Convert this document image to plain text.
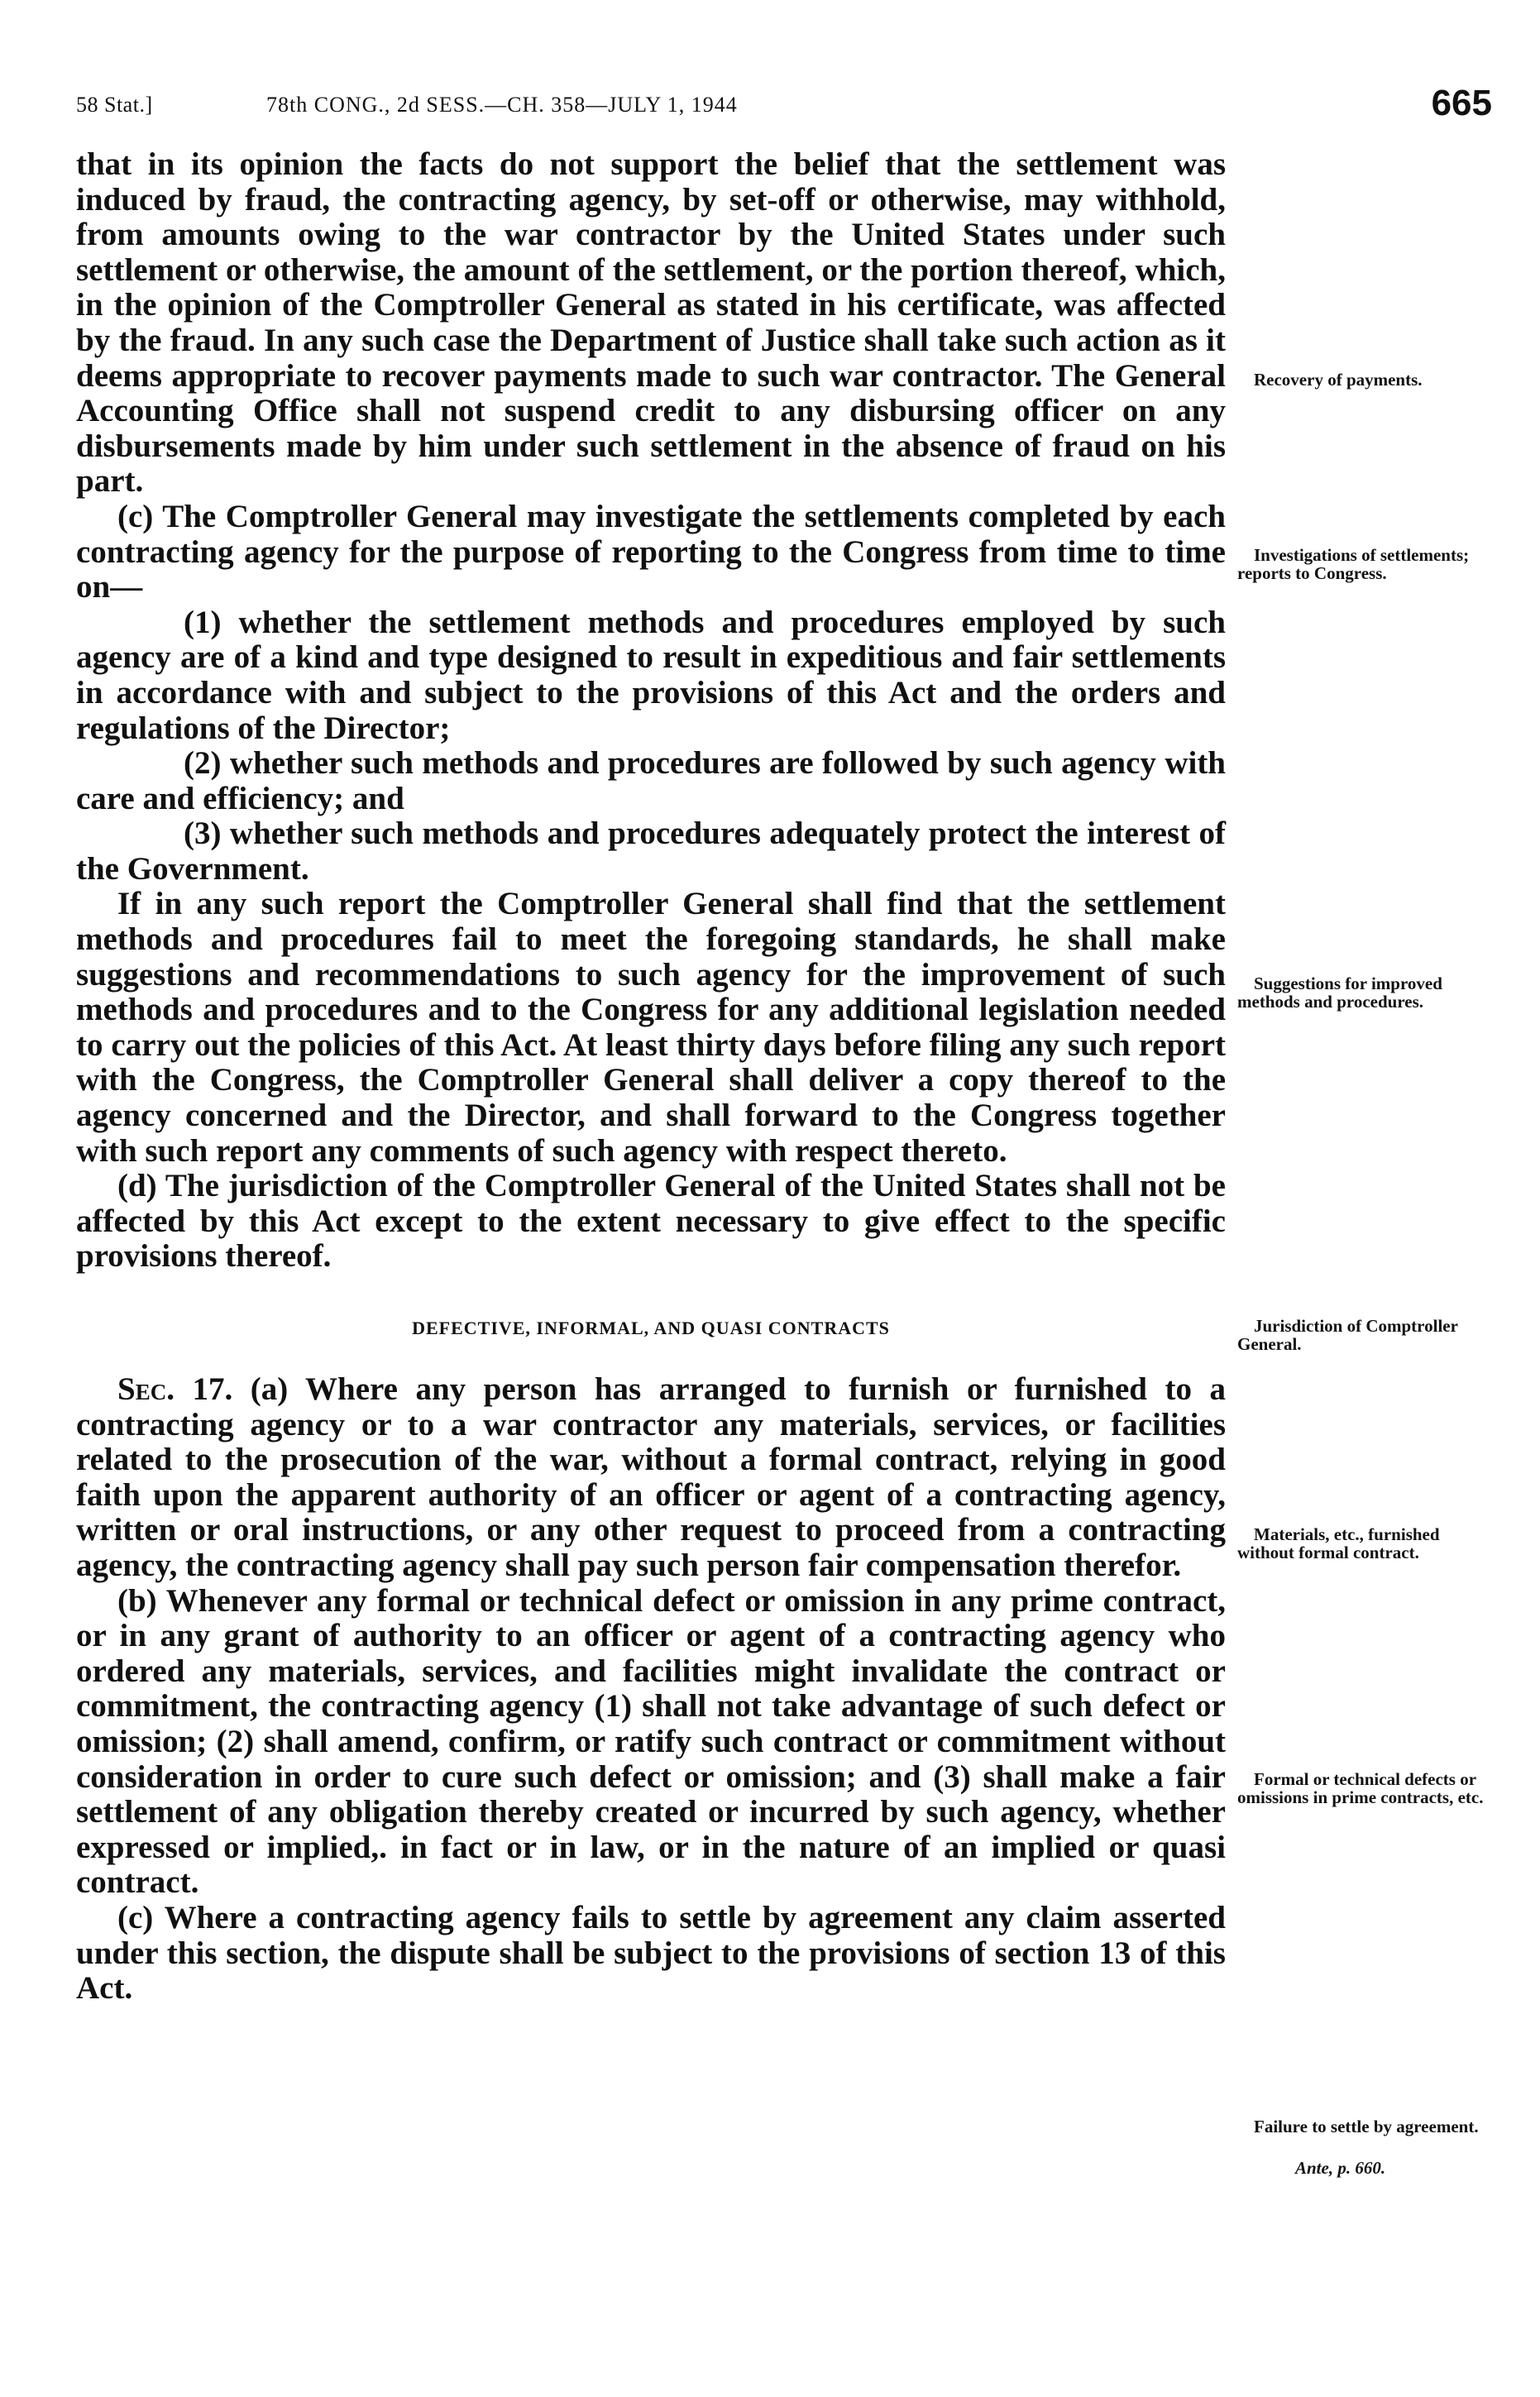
58 Stat.]	78th CONG., 2d SESS.—CH. 358—JULY 1, 1944	665

that in its opinion the facts do not support the belief that the settlement was induced by fraud, the contracting agency, by set-off or otherwise, may withhold, from amounts owing to the war contractor by the United States under such settlement or otherwise, the amount of the settlement, or the portion thereof, which, in the opinion of the Comptroller General as stated in his certificate, was affected by the fraud. In any such case the Department of Justice shall take such action as it deems appropriate to recover payments made to such war contractor. The General Accounting Office shall not suspend credit to any disbursing officer on any disbursements made by him under such settlement in the absence of fraud on his part.

(c) The Comptroller General may investigate the settlements completed by each contracting agency for the purpose of reporting to the Congress from time to time on—

(1) whether the settlement methods and procedures employed by such agency are of a kind and type designed to result in expeditious and fair settlements in accordance with and subject to the provisions of this Act and the orders and regulations of the Director;

(2) whether such methods and procedures are followed by such agency with care and efficiency; and

(3) whether such methods and procedures adequately protect the interest of the Government.

If in any such report the Comptroller General shall find that the settlement methods and procedures fail to meet the foregoing standards, he shall make suggestions and recommendations to such agency for the improvement of such methods and procedures and to the Congress for any additional legislation needed to carry out the policies of this Act. At least thirty days before filing any such report with the Congress, the Comptroller General shall deliver a copy thereof to the agency concerned and the Director, and shall forward to the Congress together with such report any comments of such agency with respect thereto.

(d) The jurisdiction of the Comptroller General of the United States shall not be affected by this Act except to the extent necessary to give effect to the specific provisions thereof.

DEFECTIVE, INFORMAL, AND QUASI CONTRACTS

Sec. 17. (a) Where any person has arranged to furnish or furnished to a contracting agency or to a war contractor any materials, services, or facilities related to the prosecution of the war, without a formal contract, relying in good faith upon the apparent authority of an officer or agent of a contracting agency, written or oral instructions, or any other request to proceed from a contracting agency, the contracting agency shall pay such person fair compensation therefor.

(b) Whenever any formal or technical defect or omission in any prime contract, or in any grant of authority to an officer or agent of a contracting agency who ordered any materials, services, and facilities might invalidate the contract or commitment, the contracting agency (1) shall not take advantage of such defect or omission; (2) shall amend, confirm, or ratify such contract or commitment without consideration in order to cure such defect or omission; and (3) shall make a fair settlement of any obligation thereby created or incurred by such agency, whether expressed or implied,. in fact or in law, or in the nature of an implied or quasi contract.

(c) Where a contracting agency fails to settle by agreement any claim asserted under this section, the dispute shall be subject to the provisions of section 13 of this Act.

Recovery of payments.
Investigations of settlements; reports to Congress.
Suggestions for improved methods and procedures.
Jurisdiction of Comptroller General.
Materials, etc., furnished without formal contract.
Formal or technical defects or omissions in prime contracts, etc.
Failure to settle by agreement.
Ante, p. 660.
